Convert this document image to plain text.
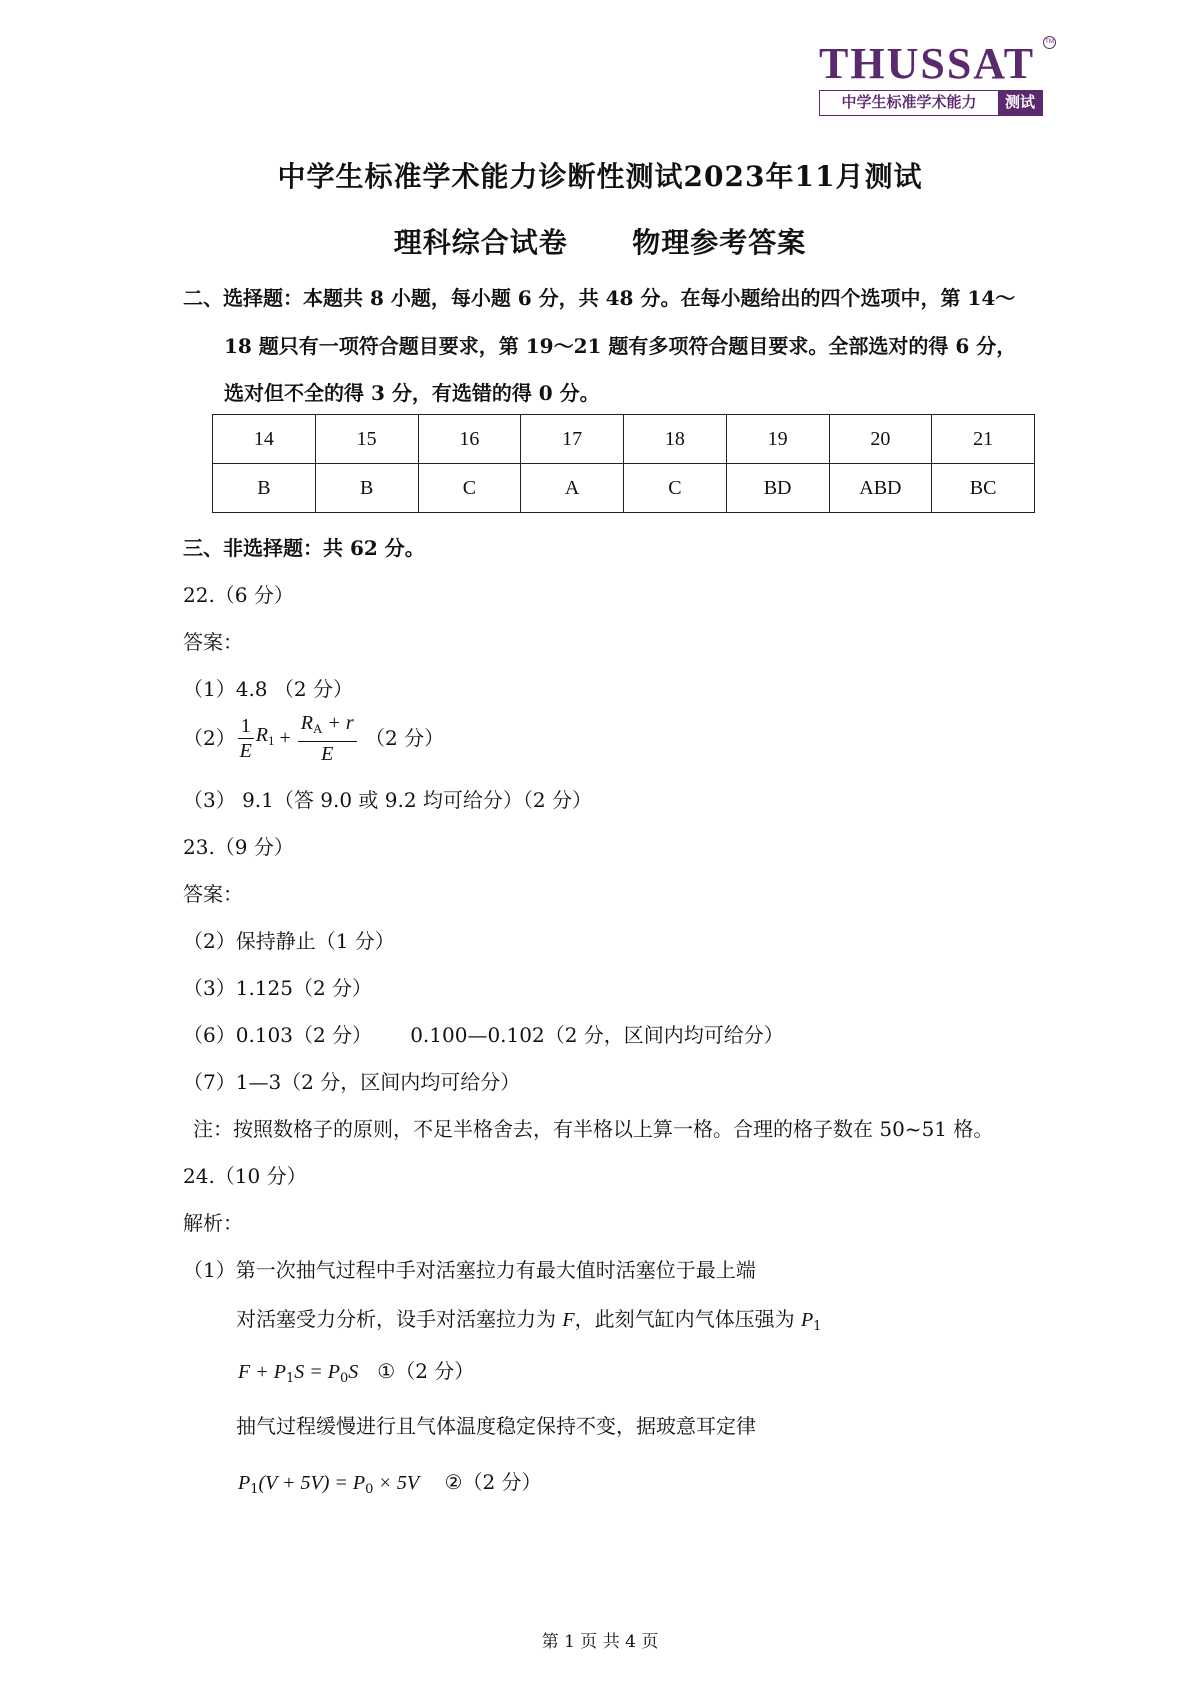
THUSSAT	TM
中学生标准学术能力	测试
中学生标准学术能力诊断性测试2023年11月测试
理科综合试卷      物理参考答案
二、选择题：本题共 8 小题，每小题 6 分，共 48 分。在每小题给出的四个选项中，第 14～
18 题只有一项符合题目要求，第 19～21 题有多项符合题目要求。全部选对的得 6 分，
选对但不全的得 3 分，有选错的得 0 分。
14	15	16	17	18	19	20	21
B	B	C	A	C	BD	ABD	BC
三、非选择题：共 62 分。
22.（6 分）
答案：
（1）4.8 （2 分）
$(2) \frac{1}{E} R_1 + \frac{R_A + r}{E} (2$ 分）
（3） 9.1（答 9.0 或 9.2 均可给分）（2 分）
23.（9 分）
答案：
（2）保持静止（1 分）
（3）1.125（2 分）
（6）0.103（2 分）      0.100—0.102（2 分，区间内均可给分）
（7）1—3（2 分，区间内均可给分）
注：按照数格子的原则，不足半格舍去，有半格以上算一格。合理的格子数在 50~51 格。
24.（10 分）
解析：
（1）第一次抽气过程中手对活塞拉力有最大值时活塞位于最上端
对活塞受力分析，设手对活塞拉力为 F，此刻气缸内气体压强为 $P_1$
$F + P_1S = P_0S$   ①（2 分）
抽气过程缓慢进行且气体温度稳定保持不变，据玻意耳定律
$P_1(V + 5V) = P_0 \times 5V$    ②（2 分）
第 1 页 共 4 页
